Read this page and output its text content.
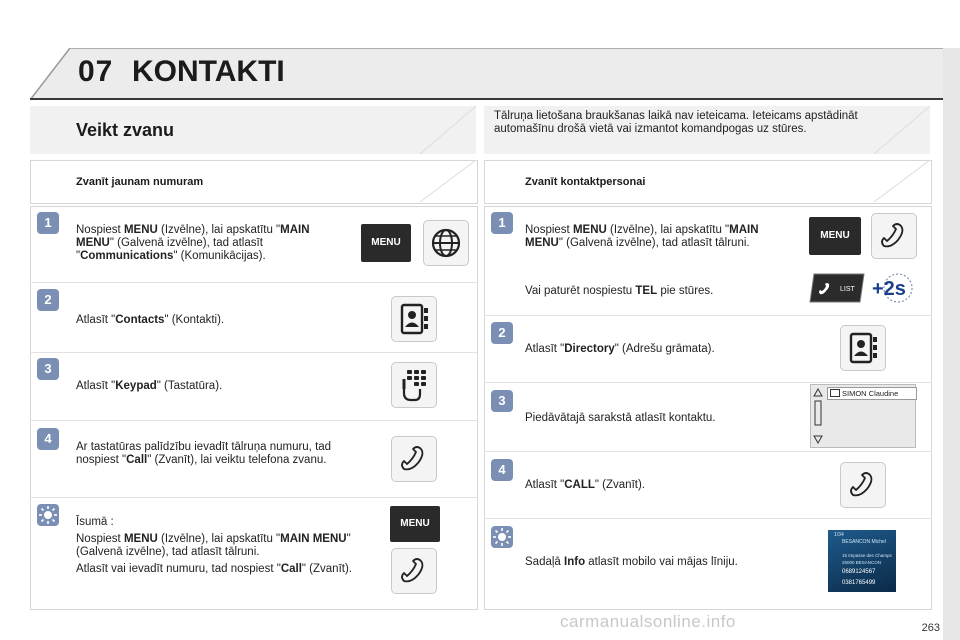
07 KONTAKTI
Veikt zvanu
Zvanīt jaunam numuram
1	Nospiest MENU (Izvēlne), lai apskatītu "MAIN MENU" (Galvenā izvēlne), tad atlasīt "Communications" (Komunikācijas).
MENU
2
Atlasīt "Contacts" (Kontakti).
3
Atlasīt "Keypad" (Tastatūra).
4
Ar tastatūras palīdzību ievadīt tālruņa numuru, tad nospiest "Call" (Zvanīt), lai veiktu telefona zvanu.
Īsumā :
Nospiest MENU (Izvēlne), lai apskatītu "MAIN MENU" (Galvenā izvēlne), tad atlasīt tālruni.
Atlasīt vai ievadīt numuru, tad nospiest "Call" (Zvanīt).
MENU
Tālruņa lietošana braukšanas laikā nav ieteicama. Ieteicams apstādināt automašīnu drošā vietā vai izmantot komandpogas uz stūres.
Zvanīt kontaktpersonai
1	Nospiest MENU (Izvēlne), lai apskatītu "MAIN MENU" (Galvenā izvēlne), tad atlasīt tālruni.
MENU
Vai paturēt nospiestu TEL pie stūres.	LIST +2s
2
Atlasīt "Directory" (Adrešu grāmata).
3
Piedāvātajā sarakstā atlasīt kontaktu.
SIMON Claudine
4
Atlasīt "CALL" (Zvanīt).
Sadaļā Info atlasīt mobilo vai mājas līniju.
1/34
BESANCON Michel
15 Impasse des Champs
25000 BESANCON
0689124567
0381765499
carmanualsonline.info	263
